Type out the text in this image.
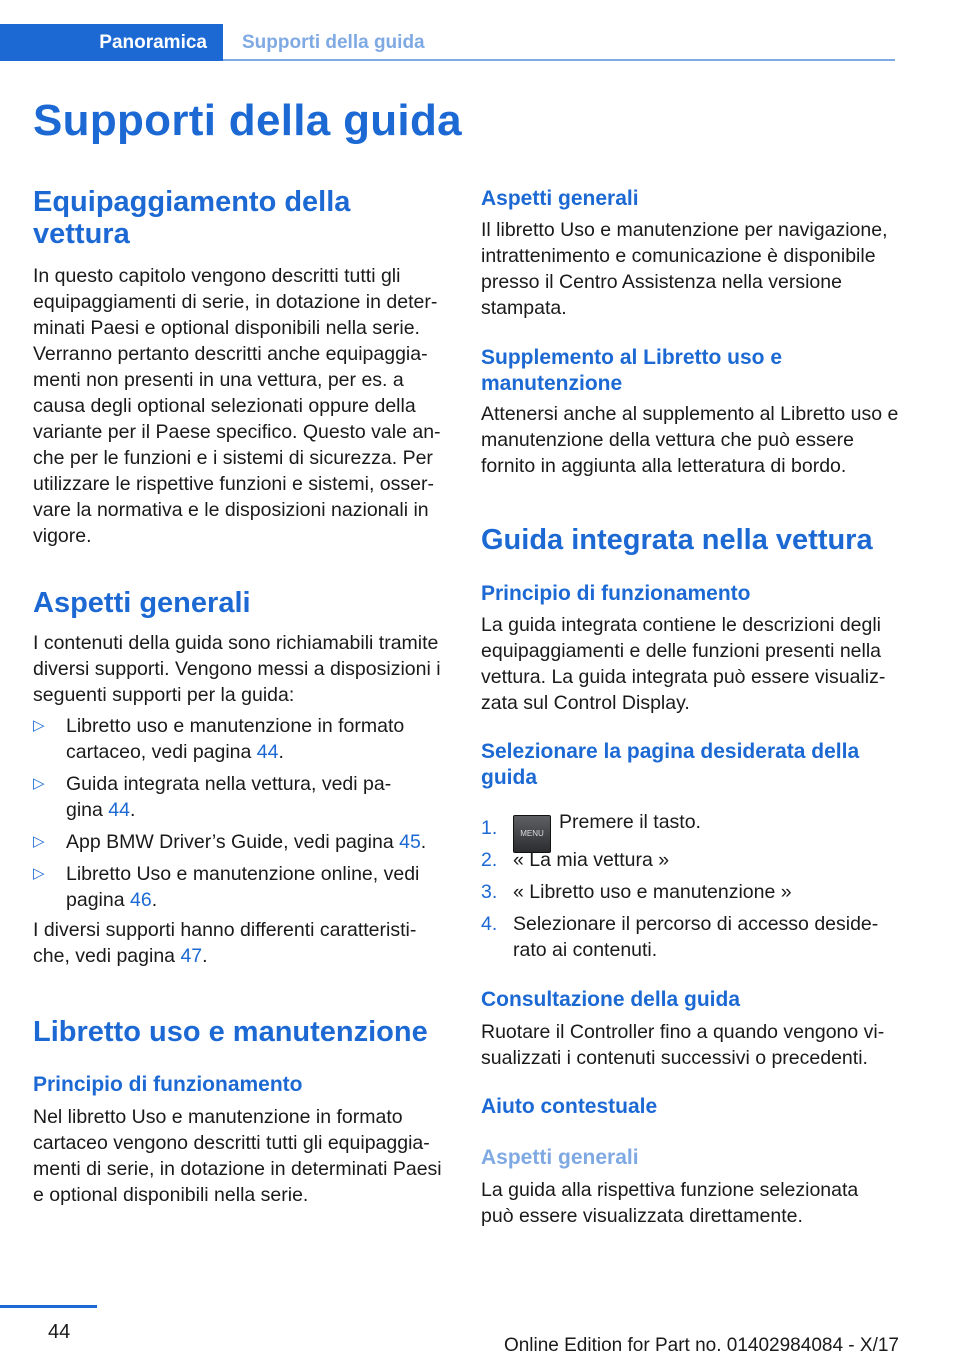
Panoramica Supporti della guida
Supporti della guida
Equipaggiamento della vettura

In questo capitolo vengono descritti tutti gli equipaggiamenti di serie, in dotazione in deter-minati Paesi e optional disponibili nella serie. Verranno pertanto descritti anche equipaggia-menti non presenti in una vettura, per es. a causa degli optional selezionati oppure della variante per il Paese specifico. Questo vale an-che per le funzioni e i sistemi di sicurezza. Per utilizzare le rispettive funzioni e sistemi, osser-vare la normativa e le disposizioni nazionali in vigore.

Aspetti generali

I contenuti della guida sono richiamabili tramite diversi supporti. Vengono messi a disposizioni i seguenti supporti per la guida:

▷ Libretto uso e manutenzione in formato cartaceo, vedi pagina 44.
▷ Guida integrata nella vettura, vedi pa-gina 44.
▷ App BMW Driver’s Guide, vedi pagina 45.
▷ Libretto Uso e manutenzione online, vedi pagina 46.

I diversi supporti hanno differenti caratteristi-che, vedi pagina 47.

Libretto uso e manutenzione
Principio di funzionamento

Nel libretto Uso e manutenzione in formato cartaceo vengono descritti tutti gli equipaggia-menti di serie, in dotazione in determinati Paesi e optional disponibili nella serie.

Aspetti generali

Il libretto Uso e manutenzione per navigazione, intrattenimento e comunicazione è disponibile presso il Centro Assistenza nella versione stampata.

Supplemento al Libretto uso e manutenzione

Attenersi anche al supplemento al Libretto uso e manutenzione della vettura che può essere fornito in aggiunta alla letteratura di bordo.

Guida integrata nella vettura
Principio di funzionamento

La guida integrata contiene le descrizioni degli equipaggiamenti e delle funzioni presenti nella vettura. La guida integrata può essere visualiz-zata sul Control Display.

Selezionare la pagina desiderata della guida
1.	MENUPremere il tasto.
2. « La mia vettura »
3. « Libretto uso e manutenzione »
4. Selezionare il percorso di accesso deside-rato ai contenuti.
Consultazione della guida

Ruotare il Controller fino a quando vengono vi-sualizzati i contenuti successivi o precedenti.

Aiuto contestuale
Aspetti generali

La guida alla rispettiva funzione selezionata può essere visualizzata direttamente.

44
Online Edition for Part no. 01402984084 - X/17
